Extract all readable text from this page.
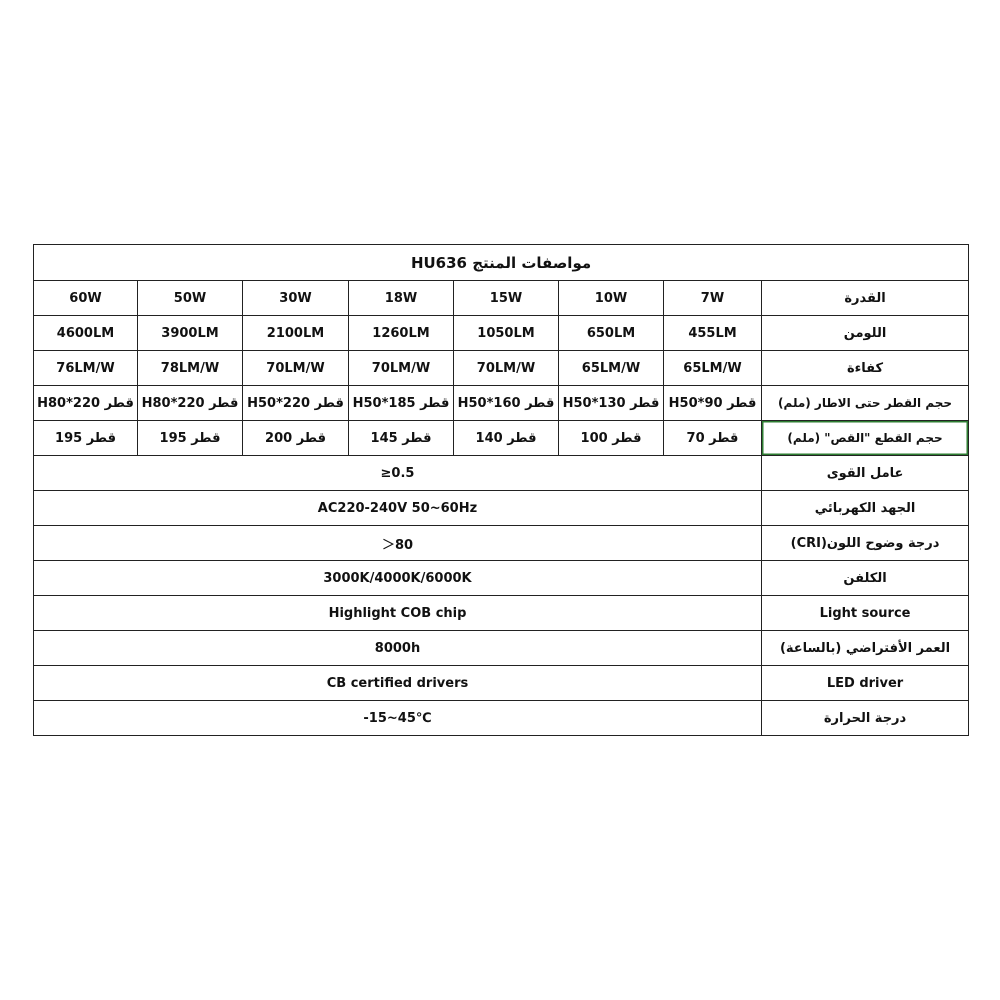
مواصفات المنتج HU636							
60W	50W	30W	18W	15W	10W	7W	القدرة
4600LM	3900LM	2100LM	1260LM	1050LM	650LM	455LM	اللومن
76LM/W	78LM/W	70LM/W	70LM/W	70LM/W	65LM/W	65LM/W	كفاءة
قطر 220*H80	قطر 220*H80	قطر 220*H50	قطر 185*H50	قطر 160*H50	قطر 130*H50	قطر 90*H50	حجم القطر حتى الاطار (ملم)
قطر 195	قطر 195	قطر 200	قطر 145	قطر 140	قطر 100	قطر 70	حجم القطع "القص" (ملم)
≥0.5							عامل القوى
AC220-240V 50~60Hz							الجهد الكهربائي
＞80							درجة وضوح اللون(CRI)
3000K/4000K/6000K							الكلفن
Highlight COB chip							Light source
8000h							العمر الأفتراضي (بالساعة)
CB certified drivers							LED driver
-15~45℃							درجة الحرارة
